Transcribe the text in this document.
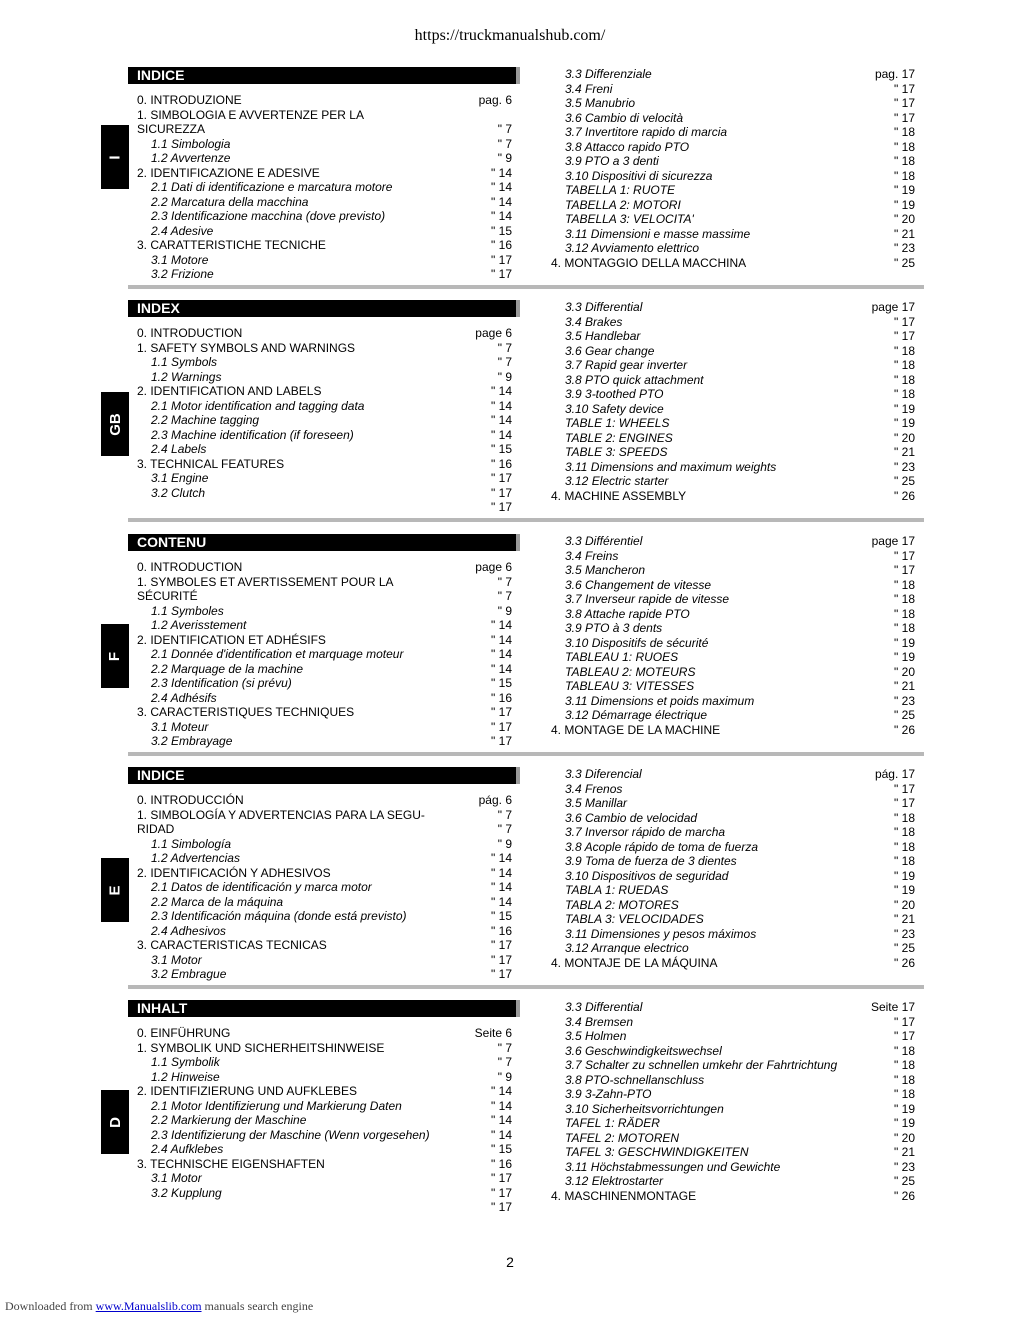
https://truckmanualshub.com/
INDICE
0. INTRODUZIONE	pag. 6
1. SIMBOLOGIA E AVVERTENZE PER LA
SICUREZZA	" 7
1.1 Simbologia	" 7
1.2 Avvertenze	" 9
2. IDENTIFICAZIONE E ADESIVE	" 14
2.1 Dati di identificazione e marcatura motore	" 14
2.2 Marcatura della macchina	" 14
2.3 Identificazione macchina (dove previsto)	" 14
2.4 Adesive	" 15
3. CARATTERISTICHE TECNICHE	" 16
3.1 Motore	" 17
3.2 Frizione	" 17
3.3 Differenziale	pag. 17
3.4 Freni	" 17
3.5 Manubrio	" 17
3.6 Cambio di velocità	" 17
3.7 Invertitore rapido di marcia	" 18
3.8 Attacco rapido PTO	" 18
3.9 PTO a 3 denti	" 18
3.10 Dispositivi di sicurezza	" 18
TABELLA 1: RUOTE	" 19
TABELLA 2: MOTORI	" 19
TABELLA 3: VELOCITA'	" 20
3.11 Dimensioni e masse massime	" 21
3.12 Avviamento elettrico	" 23
4. MONTAGGIO DELLA MACCHINA	" 25
I
INDEX
0. INTRODUCTION	page 6
1. SAFETY SYMBOLS AND WARNINGS	" 7
1.1 Symbols	" 7
1.2 Warnings	" 9
2. IDENTIFICATION AND LABELS	" 14
2.1 Motor identification and tagging data	" 14
2.2 Machine tagging	" 14
2.3 Machine identification (if foreseen)	" 14
2.4 Labels	" 15
3. TECHNICAL FEATURES	" 16
3.1 Engine	" 17
3.2 Clutch	" 17
" 17
3.3 Differential	page 17
3.4 Brakes	" 17
3.5 Handlebar	" 17
3.6 Gear change	" 18
3.7 Rapid gear inverter	" 18
3.8 PTO quick attachment	" 18
3.9 3-toothed PTO	" 18
3.10 Safety device	" 19
TABLE 1: WHEELS	" 19
TABLE 2: ENGINES	" 20
TABLE 3: SPEEDS	" 21
3.11 Dimensions and maximum weights	" 23
3.12 Electric starter	" 25
4. MACHINE ASSEMBLY	" 26
GB
CONTENU
0. INTRODUCTION	page 6
1. SYMBOLES ET AVERTISSEMENT POUR LA	" 7
SÉCURITÉ	" 7
1.1 Symboles	" 9
1.2 Averisstement	" 14
2. IDENTIFICATION ET ADHÉSIFS	" 14
2.1 Donnée d'identification et marquage moteur	" 14
2.2 Marquage de la machine	" 14
2.3 Identification (si prévu)	" 15
2.4 Adhésifs	" 16
3. CARACTERISTIQUES TECHNIQUES	" 17
3.1 Moteur	" 17
3.2 Embrayage	" 17
3.3 Différentiel	page 17
3.4 Freins	" 17
3.5 Mancheron	" 17
3.6 Changement de vitesse	" 18
3.7 Inverseur rapide de vitesse	" 18
3.8 Attache rapide PTO	" 18
3.9 PTO à 3 dents	" 18
3.10 Dispositifs de sécurité	" 19
TABLEAU 1: RUOES	" 19
TABLEAU 2: MOTEURS	" 20
TABLEAU 3: VITESSES	" 21
3.11 Dimensions et poids maximum	" 23
3.12 Démarrage électrique	" 25
4. MONTAGE DE LA MACHINE	" 26
F
INDICE
0. INTRODUCCIÓN	pág. 6
1. SIMBOLOGÍA Y ADVERTENCIAS PARA LA SEGU-	" 7
RIDAD	" 7
1.1 Simbología	" 9
1.2 Advertencias	" 14
2. IDENTIFICACIÓN Y ADHESIVOS	" 14
2.1 Datos de identificación y marca motor	" 14
2.2 Marca de la máquina	" 14
2.3 Identificación máquina (donde está previsto)	" 15
2.4 Adhesivos	" 16
3. CARACTERISTICAS TECNICAS	" 17
3.1 Motor	" 17
3.2 Embrague	" 17
3.3 Diferencial	pág. 17
3.4 Frenos	" 17
3.5 Manillar	" 17
3.6 Cambio de velocidad	" 18
3.7 Inversor rápido de marcha	" 18
3.8 Acople rápido de toma de fuerza	" 18
3.9 Toma de fuerza de 3 dientes	" 18
3.10 Dispositivos de seguridad	" 19
TABLA 1: RUEDAS	" 19
TABLA 2: MOTORES	" 20
TABLA 3: VELOCIDADES	" 21
3.11 Dimensiones y pesos máximos	" 23
3.12 Arranque electrico	" 25
4. MONTAJE DE LA MÁQUINA	" 26
E
INHALT
0. EINFÜHRUNG	Seite 6
1. SYMBOLIK UND SICHERHEITSHINWEISE	" 7
1.1 Symbolik	" 7
1.2 Hinweise	" 9
2. IDENTIFIZIERUNG UND AUFKLEBES	" 14
2.1 Motor Identifizierung und Markierung Daten	" 14
2.2 Markierung der Maschine	" 14
2.3 Identifizierung der Maschine (Wenn vorgesehen)	" 14
2.4 Aufklebes	" 15
3. TECHNISCHE EIGENSHAFTEN	" 16
3.1 Motor	" 17
3.2 Kupplung	" 17
" 17
3.3 Differential	Seite 17
3.4 Bremsen	" 17
3.5 Holmen	" 17
3.6 Geschwindigkeitswechsel	" 18
3.7 Schalter zu schnellen umkehr der Fahrtrichtung	" 18
3.8 PTO-schnellanschluss	" 18
3.9 3-Zahn-PTO	" 18
3.10 Sicherheitsvorrichtungen	" 19
TAFEL 1: RÄDER	" 19
TAFEL 2: MOTOREN	" 20
TAFEL 3: GESCHWINDIGKEITEN	" 21
3.11 Höchstabmessungen und Gewichte	" 23
3.12 Elektrostarter	" 25
4. MASCHINENMONTAGE	" 26
D
2
Downloaded from www.Manualslib.com manuals search engine
